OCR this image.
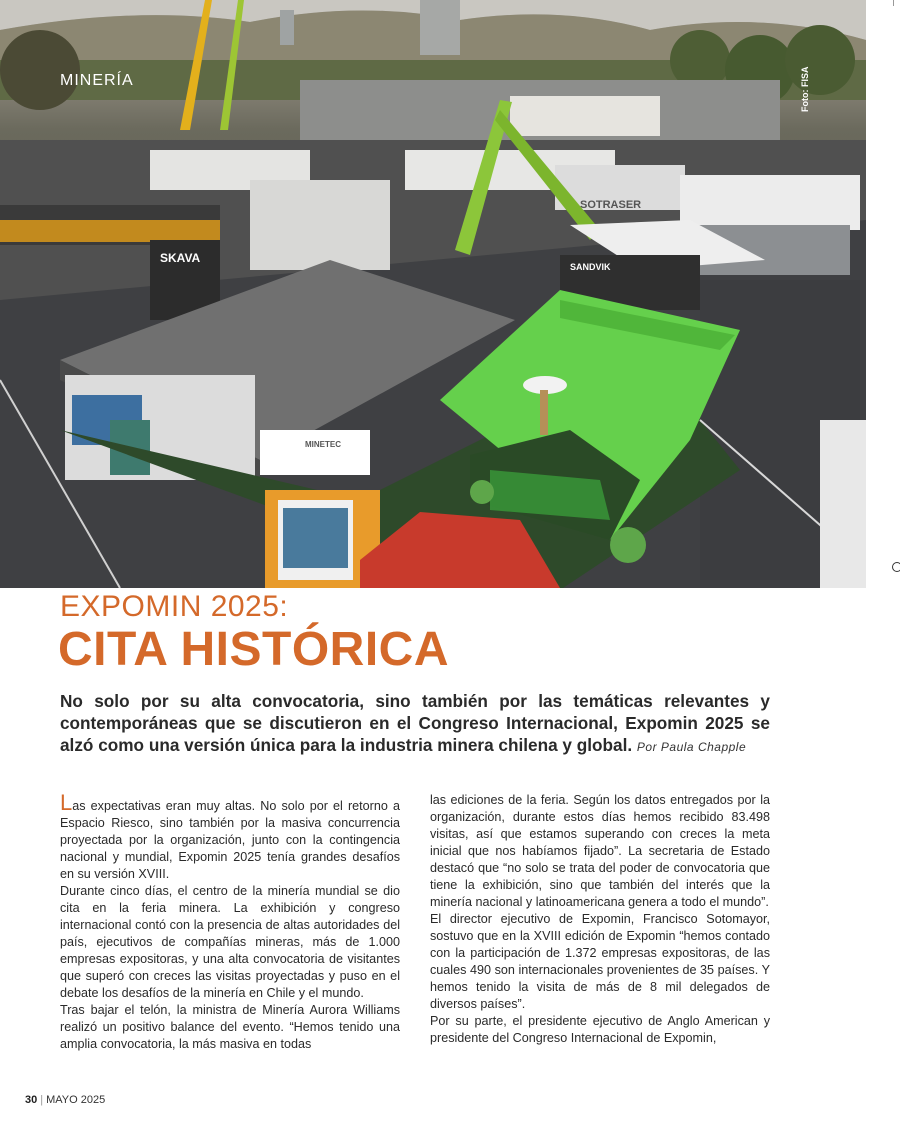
SKAVA
SOTRASER
SANDVIK
MINETEC
MINERÍA	Foto: FISA
EXPOMIN 2025:
CITA HISTÓRICA
No solo por su alta convocatoria, sino también por las temáticas relevantes y contemporáneas que se discutieron en el Congreso Internacional, Expomin 2025 se alzó como una versión única para la industria minera chilena y global. Por Paula Chapple

Las expectativas eran muy altas. No solo por el retorno a Espacio Riesco, sino también por la masiva concurrencia proyectada por la organización, junto con la contingencia nacional y mundial, Expomin 2025 tenía grandes desafíos en su versión XVIII.

Durante cinco días, el centro de la minería mundial se dio cita en la feria minera. La exhibición y congreso internacional contó con la presencia de altas autoridades del país, ejecutivos de compañías mineras, más de 1.000 empresas expositoras, y una alta convocatoria de visitantes que superó con creces las visitas proyectadas y puso en el debate los desafíos de la minería en Chile y el mundo.

Tras bajar el telón, la ministra de Minería Aurora Williams realizó un positivo balance del evento. “Hemos tenido una amplia convocatoria, la más masiva en todas

las ediciones de la feria. Según los datos entregados por la organización, durante estos días hemos recibido 83.498 visitas, así que estamos superando con creces la meta inicial que nos habíamos fijado”. La secretaria de Estado destacó que “no solo se trata del poder de convocatoria que tiene la exhibición, sino que también del interés que la minería nacional y latinoamericana genera a todo el mundo”.

El director ejecutivo de Expomin, Francisco Sotomayor, sostuvo que en la XVIII edición de Expomin “hemos contado con la participación de 1.372 empresas expositoras, de las cuales 490 son internacionales provenientes de 35 países. Y hemos tenido la visita de más de 8 mil delegados de diversos países”.

Por su parte, el presidente ejecutivo de Anglo American y presidente del Congreso Internacional de Expomin,

30 | MAYO 2025
